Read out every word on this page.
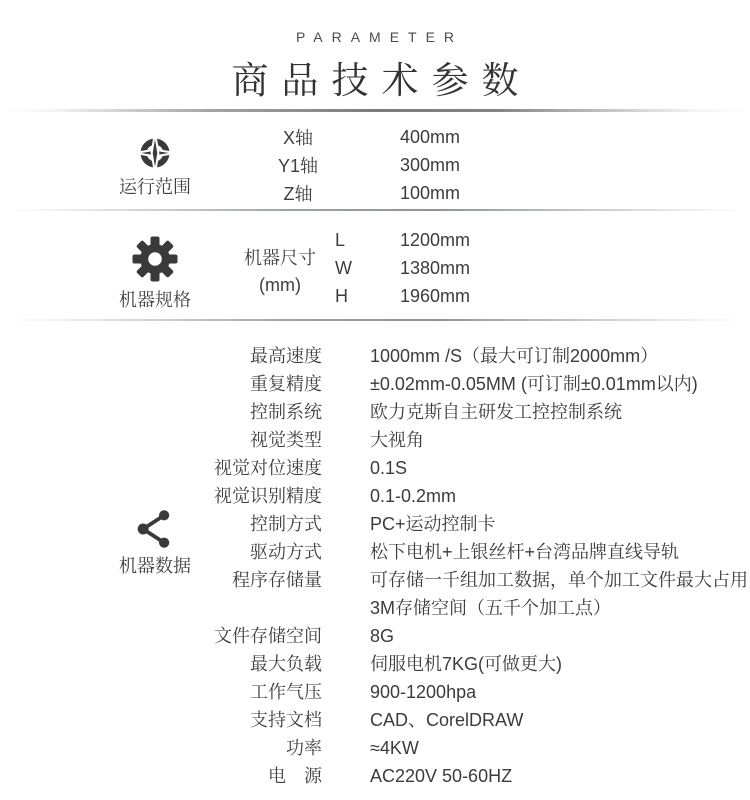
PARAMETER
商品技术参数
运行范围
X轴	400mm
Y1轴	300mm
Z轴	100mm
机器规格
机器尺寸
(mm)
L	1200mm
W	1380mm
H	1960mm
机器数据
最高速度	1000mm /S（最大可订制2000mm）
重复精度	±0.02mm-0.05MM (可订制±0.01mm以内)
控制系统	欧力克斯自主研发工控控制系统
视觉类型	大视角
视觉对位速度	0.1S
视觉识别精度	0.1-0.2mm
控制方式	PC+运动控制卡
驱动方式	松下电机+上银丝杆+台湾品牌直线导轨
程序存储量	可存储一千组加工数据，单个加工文件最大占用3M存储空间（五千个加工点）
文件存储空间	8G
最大负载	伺服电机7KG(可做更大)
工作气压	900-1200hpa
支持文档	CAD、CorelDRAW
功率	≈4KW
电　源	AC220V 50-60HZ
